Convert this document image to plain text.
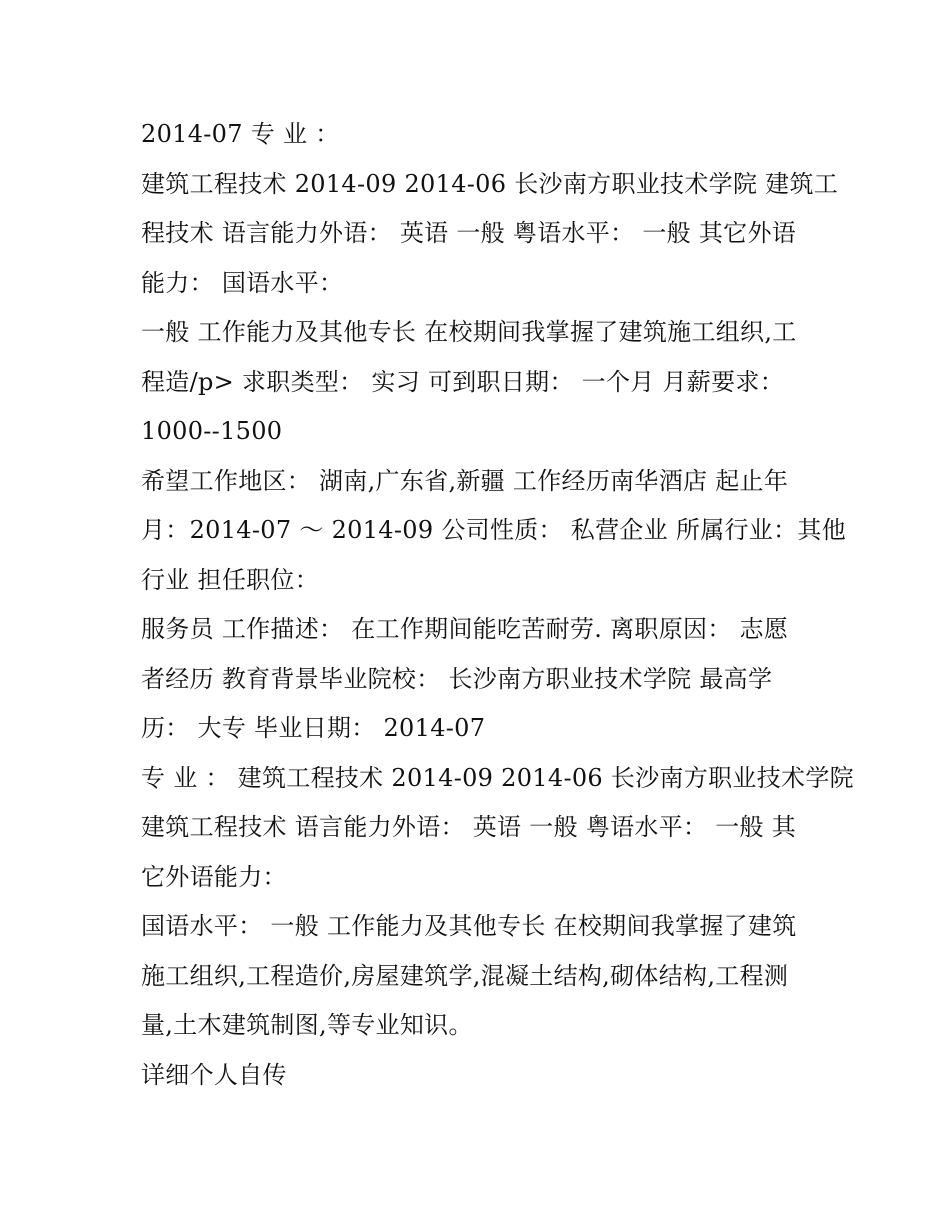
2014-07 专 业 ：
建筑工程技术 2014-09 2014-06 长沙南方职业技术学院 建筑工
程技术 语言能力外语： 英语 一般 粤语水平： 一般 其它外语
能力： 国语水平：
一般 工作能力及其他专长 在校期间我掌握了建筑施工组织,工
程造/p> 求职类型： 实习 可到职日期： 一个月 月薪要求：
1000--1500
希望工作地区： 湖南,广东省,新疆 工作经历南华酒店 起止年
月：2014-07 ～ 2014-09 公司性质： 私营企业 所属行业：其他
行业 担任职位：
服务员 工作描述： 在工作期间能吃苦耐劳. 离职原因： 志愿
者经历 教育背景毕业院校： 长沙南方职业技术学院 最高学
历： 大专 毕业日期： 2014-07
专 业 ： 建筑工程技术 2014-09 2014-06 长沙南方职业技术学院
建筑工程技术 语言能力外语： 英语 一般 粤语水平： 一般 其
它外语能力：
国语水平： 一般 工作能力及其他专长 在校期间我掌握了建筑
施工组织,工程造价,房屋建筑学,混凝土结构,砌体结构,工程测
量,土木建筑制图,等专业知识。
详细个人自传
